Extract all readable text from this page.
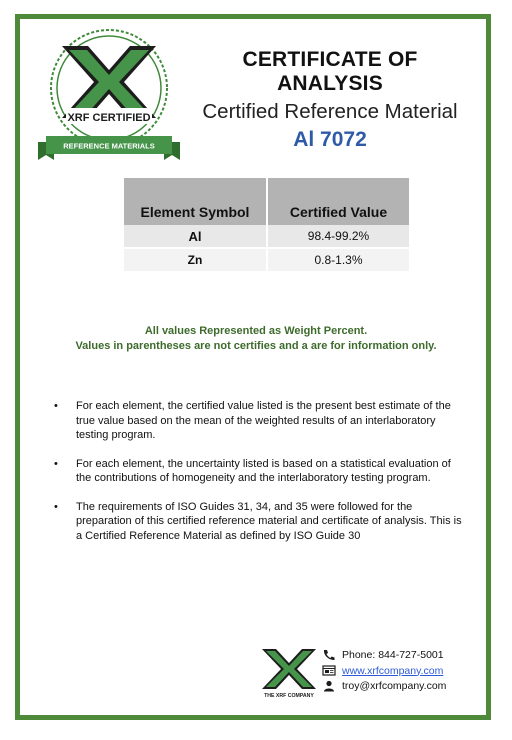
XRF CERTIFIED
REFERENCE MATERIALS
CERTIFICATE OF ANALYSIS
Certified Reference Material
Al 7072
Element Symbol	Certified Value
Al	98.4-99.2%
Zn	0.8-1.3%
All values Represented as Weight Percent.
Values in parentheses are not certifies and a are for information only.
• For each element, the certified value listed is the present best estimate of the true value based on the mean of the weighted results of an interlaboratory testing program.
• For each element, the uncertainty listed is based on a statistical evaluation of the contributions of homogeneity and the interlaboratory testing program.
• The requirements of ISO Guides 31, 34, and 35 were followed for the preparation of this certified reference material and certificate of analysis. This is a Certified Reference Material as defined by ISO Guide 30
THE XRF COMPANY
Phone: 844-727-5001
www.xrfcompany.com
troy@xrfcompany.com
